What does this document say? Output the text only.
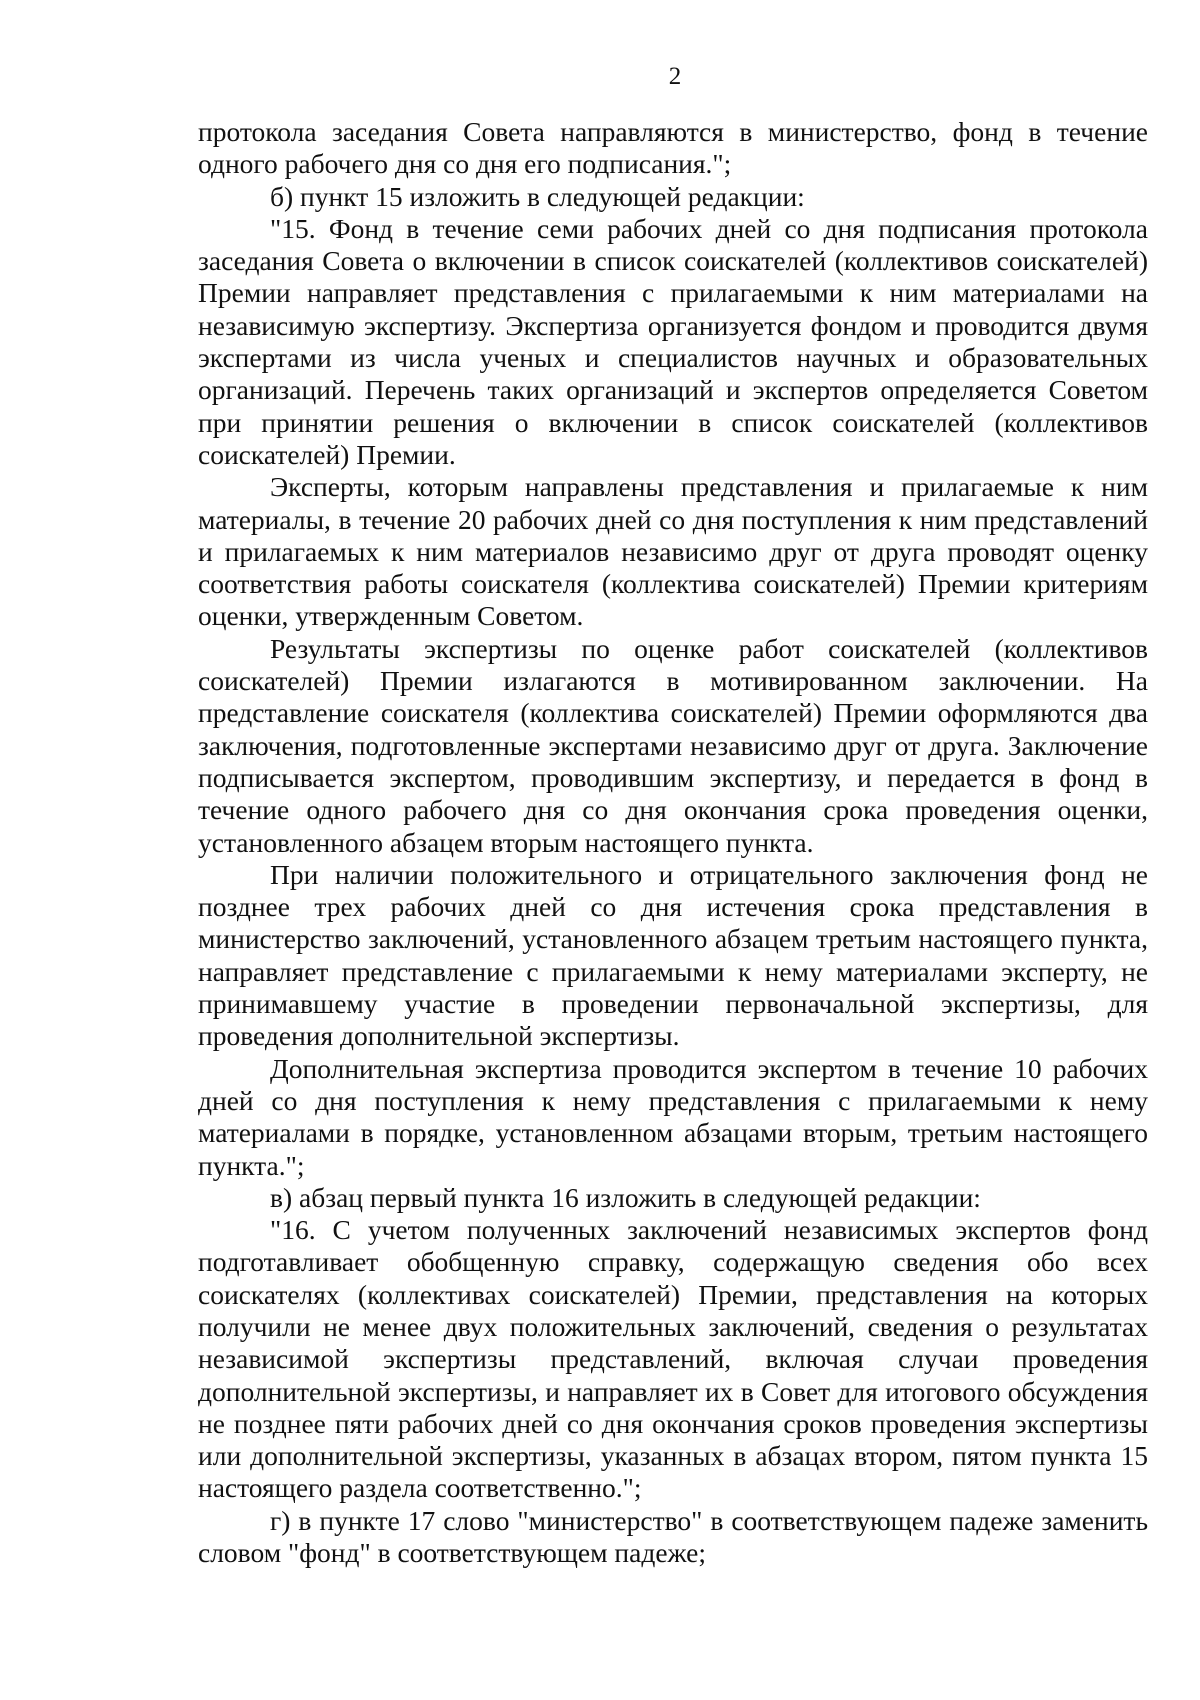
2

протокола заседания Совета направляются в министерство, фонд в течение одного рабочего дня со дня его подписания.";

б) пункт 15 изложить в следующей редакции:

"15. Фонд в течение семи рабочих дней со дня подписания протокола заседания Совета о включении в список соискателей (коллективов соискателей) Премии направляет представления с прилагаемыми к ним материалами на независимую экспертизу. Экспертиза организуется фондом и проводится двумя экспертами из числа ученых и специалистов научных и образовательных организаций. Перечень таких организаций и экспертов определяется Советом при принятии решения о включении в список соискателей (коллективов соискателей) Премии.

Эксперты, которым направлены представления и прилагаемые к ним материалы, в течение 20 рабочих дней со дня поступления к ним представлений и прилагаемых к ним материалов независимо друг от друга проводят оценку соответствия работы соискателя (коллектива соискателей) Премии критериям оценки, утвержденным Советом.

Результаты экспертизы по оценке работ соискателей (коллективов соискателей) Премии излагаются в мотивированном заключении. На представление соискателя (коллектива соискателей) Премии оформляются два заключения, подготовленные экспертами независимо друг от друга. Заключение подписывается экспертом, проводившим экспертизу, и передается в фонд в течение одного рабочего дня со дня окончания срока проведения оценки, установленного абзацем вторым настоящего пункта.

При наличии положительного и отрицательного заключения фонд не позднее трех рабочих дней со дня истечения срока представления в министерство заключений, установленного абзацем третьим настоящего пункта, направляет представление с прилагаемыми к нему материалами эксперту, не принимавшему участие в проведении первоначальной экспертизы, для проведения дополнительной экспертизы.

Дополнительная экспертиза проводится экспертом в течение 10 рабочих дней со дня поступления к нему представления с прилагаемыми к нему материалами в порядке, установленном абзацами вторым, третьим настоящего пункта.";

в) абзац первый пункта 16 изложить в следующей редакции:

"16. С учетом полученных заключений независимых экспертов фонд подготавливает обобщенную справку, содержащую сведения обо всех соискателях (коллективах соискателей) Премии, представления на которых получили не менее двух положительных заключений, сведения о результатах независимой экспертизы представлений, включая случаи проведения дополнительной экспертизы, и направляет их в Совет для итогового обсуждения не позднее пяти рабочих дней со дня окончания сроков проведения экспертизы или дополнительной экспертизы, указанных в абзацах втором, пятом пункта 15 настоящего раздела соответственно.";

г) в пункте 17 слово "министерство" в соответствующем падеже заменить словом "фонд" в соответствующем падеже;
